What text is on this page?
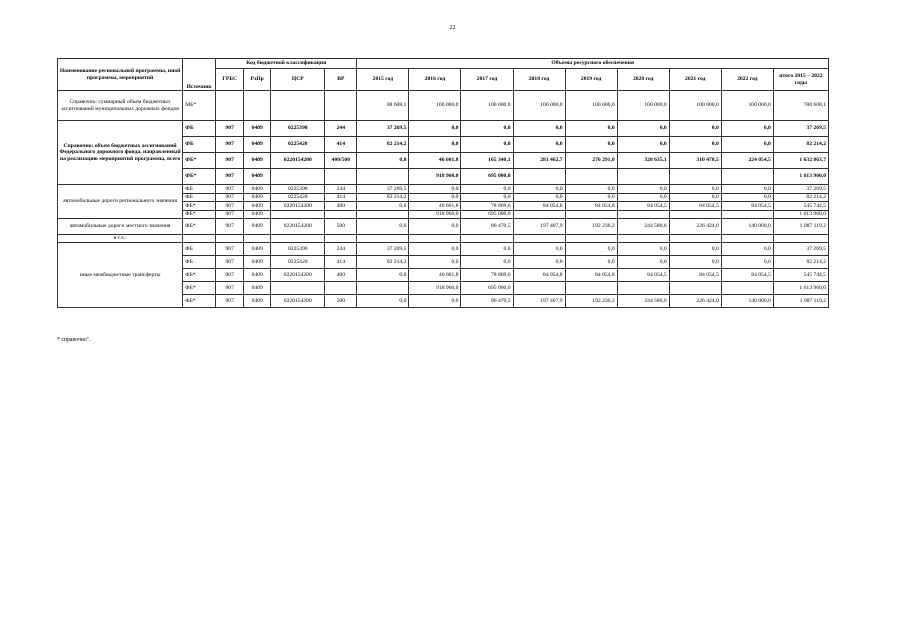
22
Наименование региональной программы, иной программы, мероприятий	Источник	Код бюджетной классификации				Объемы ресурсного обеспечения								
		ГРБС	РзПр	ЦСР	ВР	2015 год	2016 год	2017 год	2018 год	2019 год	2020 год	2021 год	2022 год	итого 2015 – 2022 годы
Справочно: суммарный объем бюджетных ассигнований муниципальных дорожных фондов	МБ*					88 608,1	100 000,0	100 000,0	100 000,0	100 000,0	100 000,0	100 000,0	100 000,0	788 608,1
Справочно: объем бюджетных ассигнований Федерального дорожного фонда, направленный на реализацию мероприятий программы, всего	ФБ	907	0409	0225390	244	37 269,5	0,0	0,0	0,0	0,0	0,0	0,0	0,0	37 269,5
	ФБ	907	0409	0225420	414	82 214,2	0,0	0,0	0,0	0,0	0,0	0,0	0,0	82 214,2
	ФБ*	907	0409	0220154200	400/500	0,0	46 601,8	165 340,1	281 462,7	276 291,0	328 635,1	310 478,5	224 054,5	1 632 863,7
	ФБ*	907	0409				918 960,0	695 000,0						1 613 960,0
автомобильные дороги регионального значения	ФБ	907	0409	0225390	244	37 269,5	0,0	0,0	0,0	0,0	0,0	0,0	0,0	37 269,5
	ФБ	907	0409	0225420	414	82 214,2	0,0	0,0	0,0	0,0	0,0	0,0	0,0	82 214,2
	ФБ*	907	0409	0220154200	400	0,0	46 601,8	78 869,6	84 054,8	84 054,8	84 054,5	84 054,5	84 054,5	545 744,5
	ФБ*	907	0409				918 960,0	695 000,0						1 613 960,0
автомобильные дороги местного значения	ФБ*	907	0409	0220154200	500	0,0	0,0	86 470,5	197 407,9	192 236,2	244 580,6	226 424,0	140 000,0	1 087 119,2
в т.ч.:														
иные межбюджетные трансферты	ФБ	907	0409	0225390	244	37 269,5	0,0	0,0	0,0	0,0	0,0	0,0	0,0	37 269,5
	ФБ	907	0409	0225420	414	82 214,2	0,0	0,0	0,0	0,0	0,0	0,0	0,0	82 214,2
	ФБ*	907	0409	0220154200	400	0,0	46 601,8	78 869,6	84 054,8	84 054,8	84 054,5	84 054,5	84 054,5	545 744,5
	ФБ*	907	0409				918 960,0	695 000,0						1 613 960,0
	ФБ*	907	0409	0220154200	500	0,0	0,0	86 470,5	197 407,9	192 236,2	244 580,6	226 424,0	140 000,0	1 087 119,2
* справочно".
